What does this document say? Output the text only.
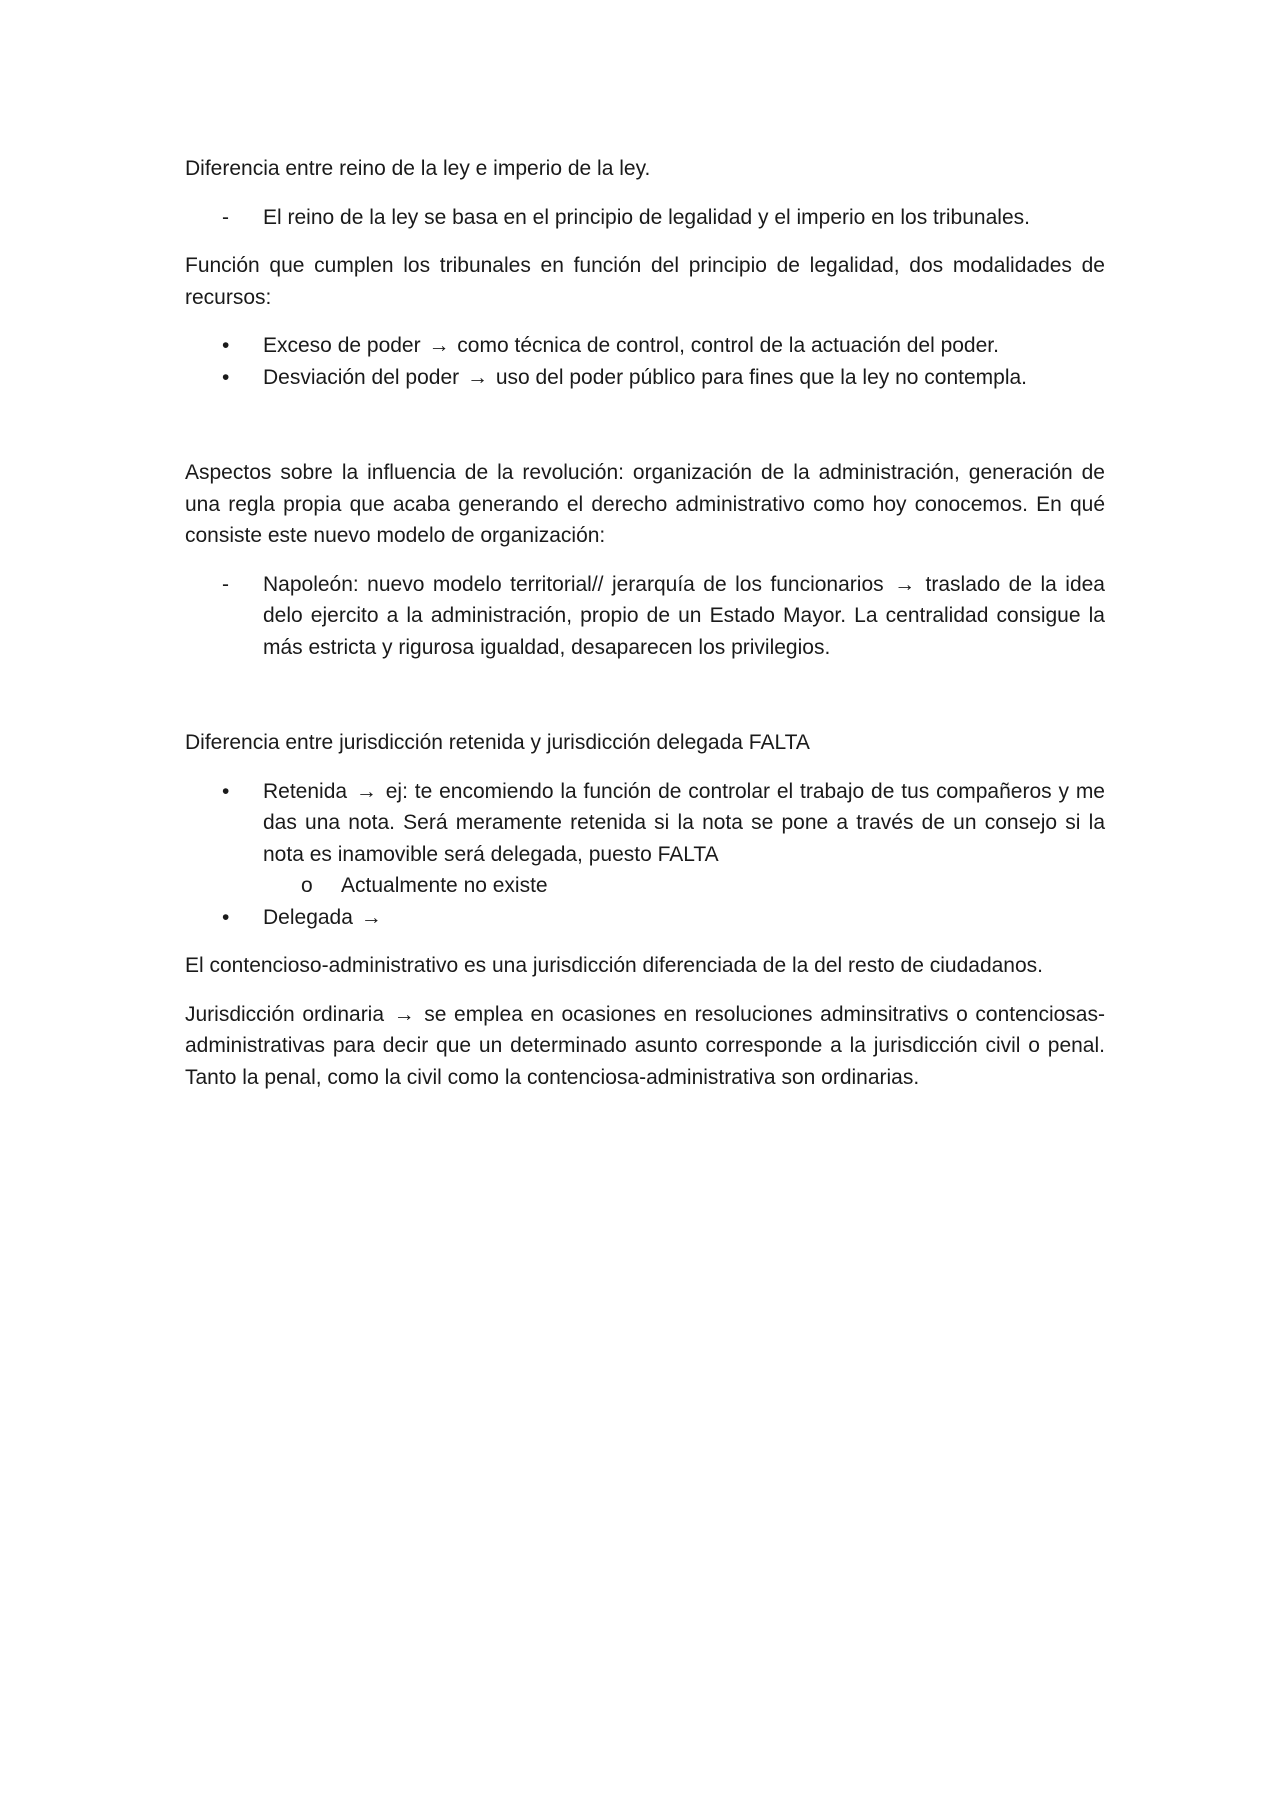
Diferencia entre reino de la ley e imperio de la ley.

-	El reino de la ley se basa en el principio de legalidad y el imperio en los tribunales.

Función que cumplen los tribunales en función del principio de legalidad, dos modalidades de recursos:

•	Exceso de poder → como técnica de control, control de la actuación del poder.
•	Desviación del poder → uso del poder público para fines que la ley no contempla.

Aspectos sobre la influencia de la revolución: organización de la administración, generación de una regla propia que acaba generando el derecho administrativo como hoy conocemos. En qué consiste este nuevo modelo de organización:

-	Napoleón: nuevo modelo territorial// jerarquía de los funcionarios → traslado de la idea delo ejercito a la administración, propio de un Estado Mayor. La centralidad consigue la más estricta y rigurosa igualdad, desaparecen los privilegios.

Diferencia entre jurisdicción retenida y jurisdicción delegada FALTA

•	Retenida → ej: te encomiendo la función de controlar el trabajo de tus compañeros y me das una nota. Será meramente retenida si la nota se pone a través de un consejo si la nota es inamovible será delegada, puesto FALTA
o	Actualmente no existe
•	Delegada →

El contencioso-administrativo es una jurisdicción diferenciada de la del resto de ciudadanos.

Jurisdicción ordinaria → se emplea en ocasiones en resoluciones adminsitrativs o contenciosas-administrativas para decir que un determinado asunto corresponde a la jurisdicción civil o penal. Tanto la penal, como la civil como la contenciosa-administrativa son ordinarias.
